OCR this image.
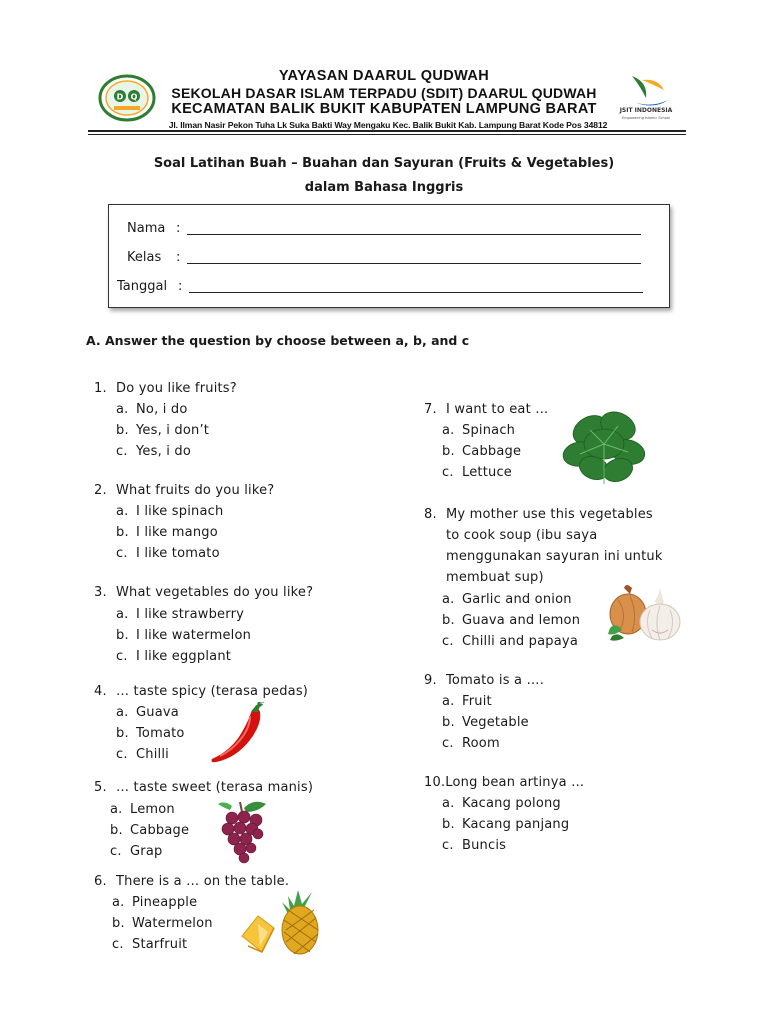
D Q
JSIT INDONESIA
Empowering Islamic School
YAYASAN DAARUL QUDWAH
SEKOLAH DASAR ISLAM TERPADU (SDIT) DAARUL QUDWAH
KECAMATAN BALIK BUKIT KABUPATEN LAMPUNG BARAT
Jl. Ilman Nasir Pekon Tuha Lk Suka Bakti Way Mengaku Kec. Balik Bukit Kab. Lampung Barat Kode Pos 34812
Soal Latihan Buah – Buahan dan Sayuran (Fruits & Vegetables)
dalam Bahasa Inggris
Nama :
Kelas :
Tanggal :
A. Answer the question by choose between a, b, and c
1. Do you like fruits?
a. No, i do
b. Yes, i don’t
c. Yes, i do
2. What fruits do you like?
a. I like spinach
b. I like mango
c. I like tomato
3. What vegetables do you like?
a. I like strawberry
b. I like watermelon
c. I like eggplant
4. … taste spicy (terasa pedas)
a. Guava
b. Tomato
c. Chilli
5. … taste sweet (terasa manis)
a. Lemon
b. Cabbage
c. Grap
6. There is a … on the table.
a. Pineapple
b. Watermelon
c. Starfruit
7. I want to eat …
a. Spinach
b. Cabbage
c. Lettuce
8. My mother use this vegetables
to cook soup (ibu saya
menggunakan sayuran ini untuk
membuat sup)
a. Garlic and onion
b. Guava and lemon
c. Chilli and papaya
9. Tomato is a ….
a. Fruit
b. Vegetable
c. Room
10.Long bean artinya …
a. Kacang polong
b. Kacang panjang
c. Buncis
